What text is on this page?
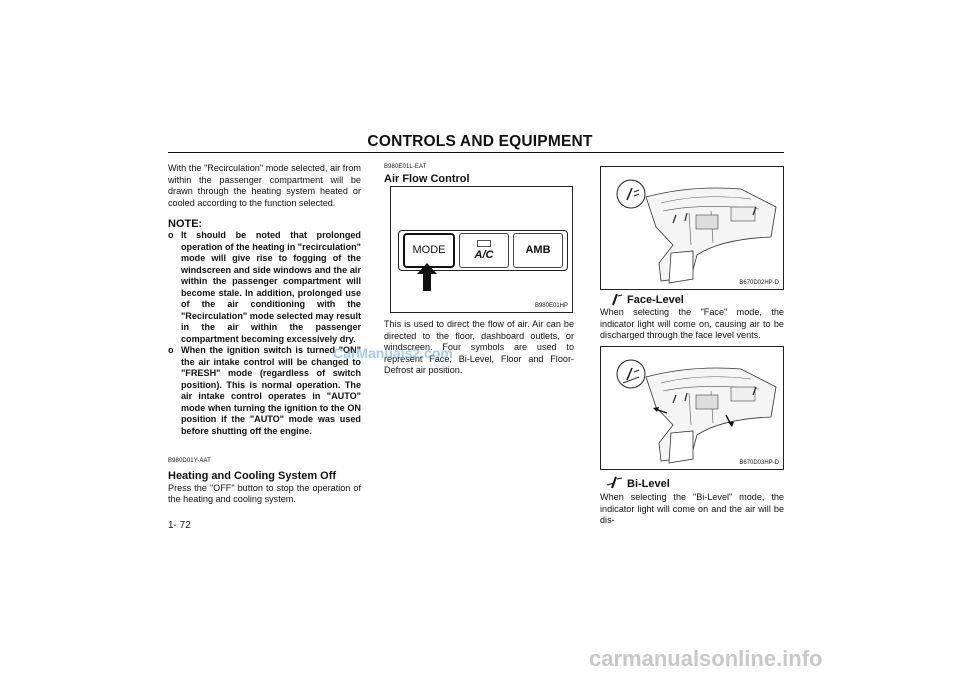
CONTROLS AND EQUIPMENT
With the "Recirculation" mode selected, air from within the passenger compartment will be drawn through the heating system heated or cooled according to the function selected.
NOTE:
o It should be noted that prolonged operation of the heating in "recirculation" mode will give rise to fogging of the windscreen and side windows and the air within the passenger compartment will become stale. In addition, prolonged use of the air conditioning with the "Recirculation" mode selected may result in the air within the passenger compartment becoming excessively dry.
o When the ignition switch is turned "ON" the air intake control will be changed to "FRESH" mode (regardless of switch position). This is normal operation. The air intake control operates in "AUTO" mode when turning the ignition to the ON position if the "AUTO" mode was used before shutting off the engine.
B980D01Y-AAT
Heating and Cooling System Off
Press the "OFF" button to stop the operation of the heating and cooling system.
B980E01L-EAT
Air Flow Control
MODE	A/C	AMB
B980E01HP
This is used to direct the flow of air. Air can be directed to the floor, dashboard outlets, or windscreen. Four symbols are used to represent Face, Bi-Level, Floor and Floor-Defrost air position.
B670D02HP-D
Face-Level
When selecting the "Face" mode, the indicator light will come on, causing air to be discharged through the face level vents.
B670D03HP-D
Bi-Level
When selecting the "Bi-Level" mode, the indicator light will come on and the air will be dis-
1- 72
CarManuals2.com
carmanualsonline.info
